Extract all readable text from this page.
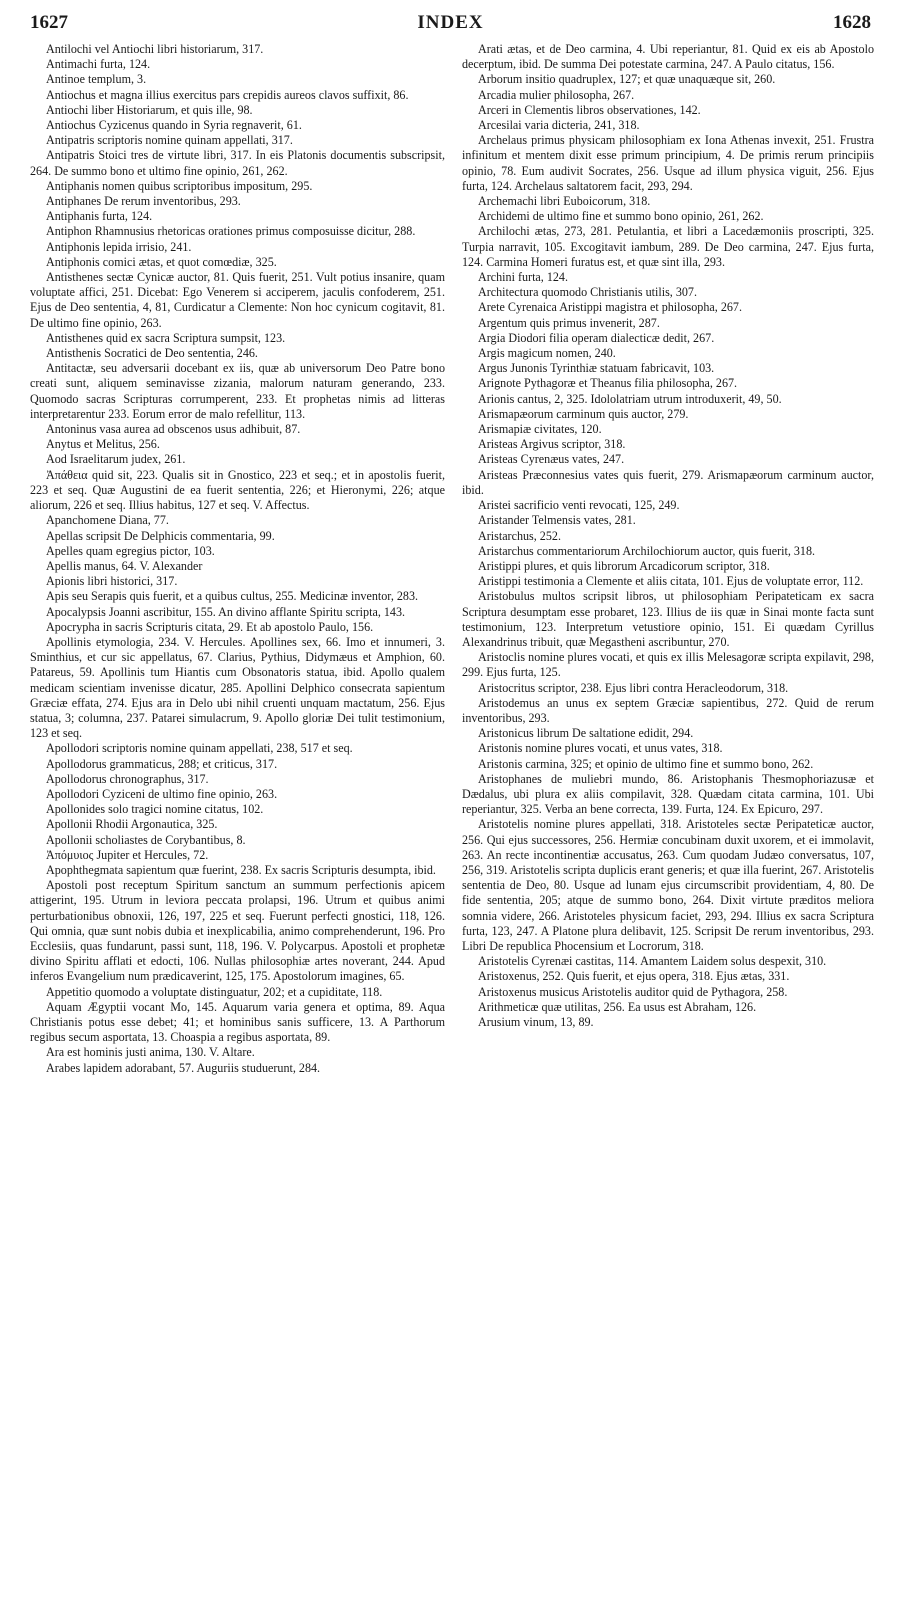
1627	INDEX	1628

Antilochi vel Antiochi libri historiarum, 317.

Antimachi furta, 124.

Antinoe templum, 3.

Antiochus et magna illius exercitus pars crepidis aureos clavos suffixit, 86.

Antiochi liber Historiarum, et quis ille, 98.

Antiochus Cyzicenus quando in Syria regnaverit, 61.

Antipatris scriptoris nomine quinam appellati, 317.

Antipatris Stoici tres de virtute libri, 317. In eis Platonis documentis subscripsit, 264. De summo bono et ultimo fine opinio, 261, 262.

Antiphanis nomen quibus scriptoribus impositum, 295.

Antiphanes De rerum inventoribus, 293.

Antiphanis furta, 124.

Antiphon Rhamnusius rhetoricas orationes primus composuisse dicitur, 288.

Antiphonis lepida irrisio, 241.

Antiphonis comici ætas, et quot comœdiæ, 325.

Antisthenes sectæ Cynicæ auctor, 81. Quis fuerit, 251. Vult potius insanire, quam voluptate affici, 251. Dicebat: Ego Venerem si acciperem, jaculis confoderem, 251. Ejus de Deo sententia, 4, 81, Curdicatur a Clemente: Non hoc cynicum cogitavit, 81. De ultimo fine opinio, 263.

Antisthenes quid ex sacra Scriptura sumpsit, 123.

Antisthenis Socratici de Deo sententia, 246.

Antitactæ, seu adversarii docebant ex iis, quæ ab universorum Deo Patre bono creati sunt, aliquem seminavisse zizania, malorum naturam generando, 233. Quomodo sacras Scripturas corrumperent, 233. Et prophetas nimis ad litteras interpretarentur 233. Eorum error de malo refellitur, 113.

Antoninus vasa aurea ad obscenos usus adhibuit, 87.

Anytus et Melitus, 256.

Aod Israelitarum judex, 261.

Ἀπάθεια quid sit, 223. Qualis sit in Gnostico, 223 et seq.; et in apostolis fuerit, 223 et seq. Quæ Augustini de ea fuerit sententia, 226; et Hieronymi, 226; atque aliorum, 226 et seq. Illius habitus, 127 et seq. V. Affectus.

Apanchomene Diana, 77.

Apellas scripsit De Delphicis commentaria, 99.

Apelles quam egregius pictor, 103.

Apellis manus, 64. V. Alexander

Apionis libri historici, 317.

Apis seu Serapis quis fuerit, et a quibus cultus, 255. Medicinæ inventor, 283.

Apocalypsis Joanni ascribitur, 155. An divino afflante Spiritu scripta, 143.

Apocrypha in sacris Scripturis citata, 29. Et ab apostolo Paulo, 156.

Apollinis etymologia, 234. V. Hercules. Apollines sex, 66. Imo et innumeri, 3. Sminthius, et cur sic appellatus, 67. Clarius, Pythius, Didymæus et Amphion, 60. Patareus, 59. Apollinis tum Hiantis cum Obsonatoris statua, ibid. Apollo qualem medicam scientiam invenisse dicatur, 285. Apollini Delphico consecrata sapientum Græciæ effata, 274. Ejus ara in Delo ubi nihil cruenti unquam mactatum, 256. Ejus statua, 3; columna, 237. Patarei simulacrum, 9. Apollo gloriæ Dei tulit testimonium, 123 et seq.

Apollodori scriptoris nomine quinam appellati, 238, 517 et seq.

Apollodorus grammaticus, 288; et criticus, 317.

Apollodorus chronographus, 317.

Apollodori Cyziceni de ultimo fine opinio, 263.

Apollonides solo tragici nomine citatus, 102.

Apollonii Rhodii Argonautica, 325.

Apollonii scholiastes de Corybantibus, 8.

Ἀπόμυιος Jupiter et Hercules, 72.

Apophthegmata sapientum quæ fuerint, 238. Ex sacris Scripturis desumpta, ibid.

Apostoli post receptum Spiritum sanctum an summum perfectionis apicem attigerint, 195. Utrum in leviora peccata prolapsi, 196. Utrum et quibus animi perturbationibus obnoxii, 126, 197, 225 et seq. Fuerunt perfecti gnostici, 118, 126. Qui omnia, quæ sunt nobis dubia et inexplicabilia, animo comprehenderunt, 196. Pro Ecclesiis, quas fundarunt, passi sunt, 118, 196. V. Polycarpus. Apostoli et prophetæ divino Spiritu afflati et edocti, 106. Nullas philosophiæ artes noverant, 244. Apud inferos Evangelium num prædicaverint, 125, 175. Apostolorum imagines, 65.

Appetitio quomodo a voluptate distinguatur, 202; et a cupiditate, 118.

Aquam Ægyptii vocant Mo, 145. Aquarum varia genera et optima, 89. Aqua Christianis potus esse debet; 41; et hominibus sanis sufficere, 13. A Parthorum regibus secum asportata, 13. Choaspia a regibus asportata, 89.

Ara est hominis justi anima, 130. V. Altare.

Arabes lapidem adorabant, 57. Auguriis studuerunt, 284.

Arati ætas, et de Deo carmina, 4. Ubi reperiantur, 81. Quid ex eis ab Apostolo decerptum, ibid. De summa Dei potestate carmina, 247. A Paulo citatus, 156.

Arborum insitio quadruplex, 127; et quæ unaquæque sit, 260.

Arcadia mulier philosopha, 267.

Arceri in Clementis libros observationes, 142.

Arcesilai varia dicteria, 241, 318.

Archelaus primus physicam philosophiam ex Iona Athenas invexit, 251. Frustra infinitum et mentem dixit esse primum principium, 4. De primis rerum principiis opinio, 78. Eum audivit Socrates, 256. Usque ad illum physica viguit, 256. Ejus furta, 124. Archelaus saltatorem facit, 293, 294.

Archemachi libri Euboicorum, 318.

Archidemi de ultimo fine et summo bono opinio, 261, 262.

Archilochi ætas, 273, 281. Petulantia, et libri a Lacedæmoniis proscripti, 325. Turpia narravit, 105. Excogitavit iambum, 289. De Deo carmina, 247. Ejus furta, 124. Carmina Homeri furatus est, et quæ sint illa, 293.

Archini furta, 124.

Architectura quomodo Christianis utilis, 307.

Arete Cyrenaica Aristippi magistra et philosopha, 267.

Argentum quis primus invenerit, 287.

Argia Diodori filia operam dialecticæ dedit, 267.

Argis magicum nomen, 240.

Argus Junonis Tyrinthiæ statuam fabricavit, 103.

Arignote Pythagoræ et Theanus filia philosopha, 267.

Arionis cantus, 2, 325. Idololatriam utrum introduxerit, 49, 50.

Arismapæorum carminum quis auctor, 279.

Arismapiæ civitates, 120.

Aristeas Argivus scriptor, 318.

Aristeas Cyrenæus vates, 247.

Aristeas Præconnesius vates quis fuerit, 279. Arismapæorum carminum auctor, ibid.

Aristei sacrificio venti revocati, 125, 249.

Aristander Telmensis vates, 281.

Aristarchus, 252.

Aristarchus commentariorum Archilochiorum auctor, quis fuerit, 318.

Aristippi plures, et quis librorum Arcadicorum scriptor, 318.

Aristippi testimonia a Clemente et aliis citata, 101. Ejus de voluptate error, 112.

Aristobulus multos scripsit libros, ut philosophiam Peripateticam ex sacra Scriptura desumptam esse probaret, 123. Illius de iis quæ in Sinai monte facta sunt testimonium, 123. Interpretum vetustiore opinio, 151. Ei quædam Cyrillus Alexandrinus tribuit, quæ Megastheni ascribuntur, 270.

Aristoclis nomine plures vocati, et quis ex illis Melesagoræ scripta expilavit, 298, 299. Ejus furta, 125.

Aristocritus scriptor, 238. Ejus libri contra Heracleodorum, 318.

Aristodemus an unus ex septem Græciæ sapientibus, 272. Quid de rerum inventoribus, 293.

Aristonicus librum De saltatione edidit, 294.

Aristonis nomine plures vocati, et unus vates, 318.

Aristonis carmina, 325; et opinio de ultimo fine et summo bono, 262.

Aristophanes de muliebri mundo, 86. Aristophanis Thesmophoriazusæ et Dædalus, ubi plura ex aliis compilavit, 328. Quædam citata carmina, 101. Ubi reperiantur, 325. Verba an bene correcta, 139. Furta, 124. Ex Epicuro, 297.

Aristotelis nomine plures appellati, 318. Aristoteles sectæ Peripateticæ auctor, 256. Qui ejus successores, 256. Hermiæ concubinam duxit uxorem, et ei immolavit, 263. An recte incontinentiæ accusatus, 263. Cum quodam Judæo conversatus, 107, 256, 319. Aristotelis scripta duplicis erant generis; et quæ illa fuerint, 267. Aristotelis sententia de Deo, 80. Usque ad lunam ejus circumscribit providentiam, 4, 80. De fide sententia, 205; atque de summo bono, 264. Dixit virtute præditos meliora somnia videre, 266. Aristoteles physicum faciet, 293, 294. Illius ex sacra Scriptura furta, 123, 247. A Platone plura delibavit, 125. Scripsit De rerum inventoribus, 293. Libri De republica Phocensium et Locrorum, 318.

Aristotelis Cyrenæi castitas, 114. Amantem Laidem solus despexit, 310.

Aristoxenus, 252. Quis fuerit, et ejus opera, 318. Ejus ætas, 331.

Aristoxenus musicus Aristotelis auditor quid de Pythagora, 258.

Arithmeticæ quæ utilitas, 256. Ea usus est Abraham, 126.

Arusium vinum, 13, 89.
